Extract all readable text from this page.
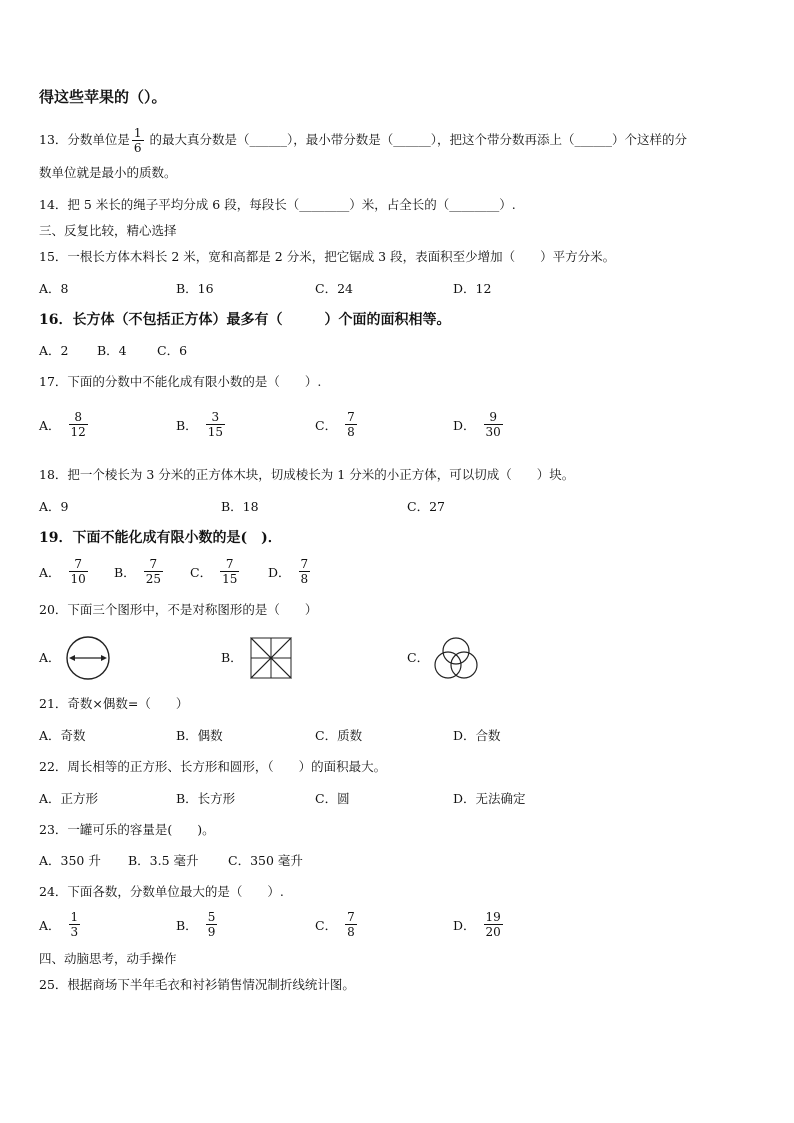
得这些苹果的（）。
13．分数单位是 $\frac{1}{6}$ 的最大真分数是（______），最小带分数是（______），把这个带分数再添上（______）个这样的分
数单位就是最小的质数。
14．把 5 米长的绳子平均分成 6 段，每段长（________）米，占全长的（________）.
三、反复比较，精心选择
15．一根长方体木料长 2 米，宽和高都是 2 分米，把它锯成 3 段，表面积至少增加（　　）平方分米。
A．8	B．16	C．24	D．12
16．长方体（不包括正方体）最多有（　　　）个面的面积相等。
A．2 B．4 C．6
17．下面的分数中不能化成有限小数的是（　　）.
A． $\frac{8}{12}$	B． $\frac{3}{15}$	C． $\frac{7}{8}$	D． $\frac{9}{30}$
18．把一个棱长为 3 分米的正方体木块，切成棱长为 1 分米的小正方体，可以切成（　　）块。
A．9	B．18	C．27
19．下面不能化成有限小数的是(　)．
A． $\frac{7}{10}$ B． $\frac{7}{25}$ C． $\frac{7}{15}$ D． $\frac{7}{8}$
20．下面三个图形中，不是对称图形的是（　　）
A．	B．	C．
21．奇数×偶数=（　　）
A．奇数	B．偶数	C．质数	D．合数
22．周长相等的正方形、长方形和圆形，（　　）的面积最大。
A．正方形	B．长方形	C．圆	D．无法确定
23．一罐可乐的容量是(　　)。
A．350 升 B．3.5 毫升 C．350 毫升
24．下面各数，分数单位最大的是（　　）.
A． $\frac{1}{3}$	B． $\frac{5}{9}$	C． $\frac{7}{8}$	D． $\frac{19}{20}$
四、动脑思考，动手操作
25．根据商场下半年毛衣和衬衫销售情况制折线统计图。
